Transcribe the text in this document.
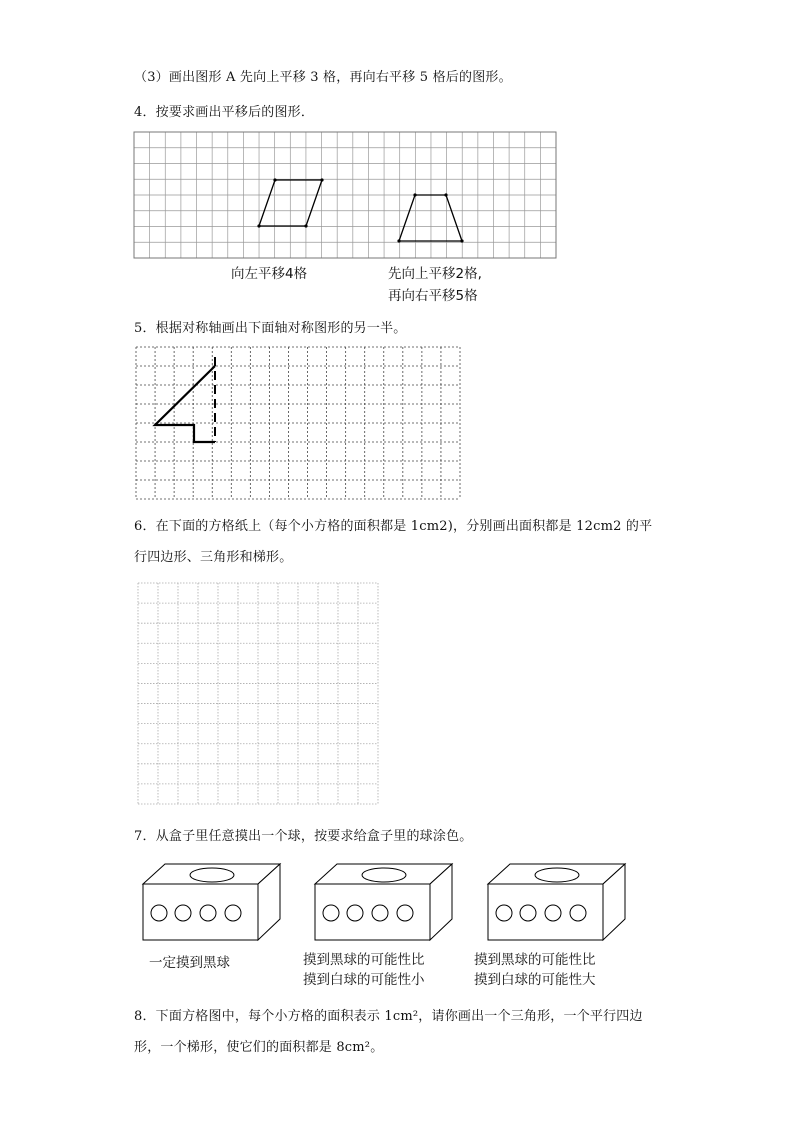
（3）画出图形 A 先向上平移 3 格，再向右平移 5 格后的图形。
4．按要求画出平移后的图形．
向左平移4格	先向上平移2格,
再向右平移5格
5．根据对称轴画出下面轴对称图形的另一半。
6．在下面的方格纸上（每个小方格的面积都是 1cm2)，分别画出面积都是 12cm2 的平
行四边形、三角形和梯形。
7．从盒子里任意摸出一个球，按要求给盒子里的球涂色。
一定摸到黑球	摸到黑球的可能性比
摸到白球的可能性小
摸到黑球的可能性比
摸到白球的可能性大
8．下面方格图中，每个小方格的面积表示 1cm²，请你画出一个三角形，一个平行四边
形，一个梯形，使它们的面积都是 8cm²。
